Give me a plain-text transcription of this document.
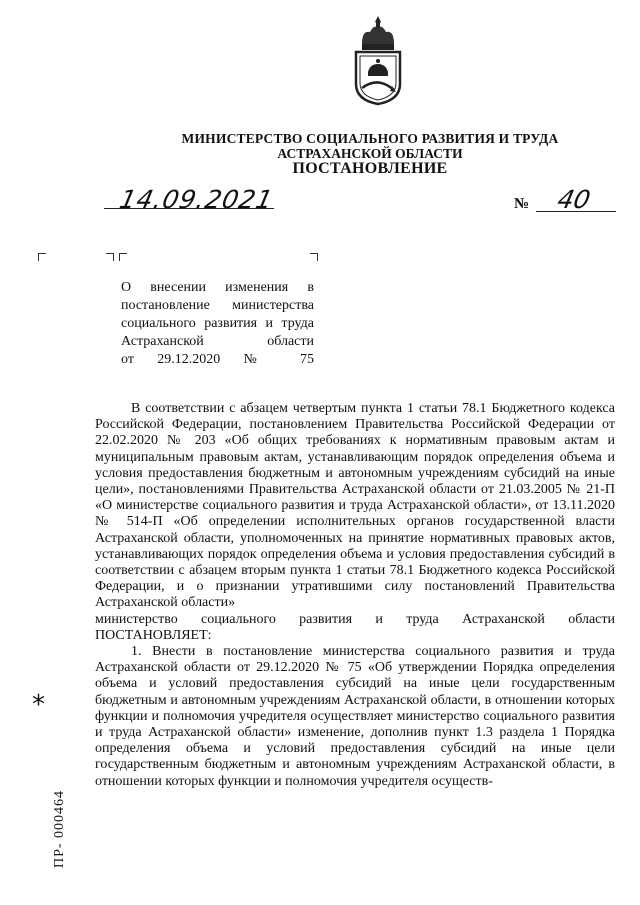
МИНИСТЕРСТВО СОЦИАЛЬНОГО РАЗВИТИЯ И ТРУДА
АСТРАХАНСКОЙ ОБЛАСТИ
ПОСТАНОВЛЕНИЕ
14.09.2021	№ 40
О внесении изменения в
постановление министерства
социального развития и труда
Астраханской области
от 29.12.2020 № 75

В соответствии с абзацем четвертым пункта 1 статьи 78.1 Бюджетного кодекса Российской Федерации, постановлением Правительства Российской Федерации от 22.02.2020 № 203 «Об общих требованиях к нормативным правовым актам и муниципальным правовым актам, устанавливающим порядок определения объема и условия предоставления бюджетным и автономным учреждениям субсидий на иные цели», постановлениями Правительства Астраханской области от 21.03.2005 № 21-П «О министерстве социального развития и труда Астраханской области», от 13.11.2020 № 514-П «Об определении исполнительных органов государственной власти Астраханской области, уполномоченных на принятие нормативных правовых актов, устанавливающих порядок определения объема и условия предоставления субсидий в соответствии с абзацем вторым пункта 1 статьи 78.1 Бюджетного кодекса Российской Федерации, и о признании утратившими силу постановлений Правительства Астраханской области»

министерство социального развития и труда Астраханской области

ПОСТАНОВЛЯЕТ:

1. Внести в постановление министерства социального развития и труда Астраханской области от 29.12.2020 № 75 «Об утверждении Порядка определения объема и условий предоставления субсидий на иные цели государственным бюджетным и автономным учреждениям Астраханской области, в отношении которых функции и полномочия учредителя осуществляет министерство социального развития и труда Астраханской области» изменение, дополнив пункт 1.3 раздела 1 Порядка определения объема и условий предоставления субсидий на иные цели государственным бюджетным и автономным учреждениям Астраханской области, в отношении которых функции и полномочия учредителя осуществ-

*
ПР- 000464
